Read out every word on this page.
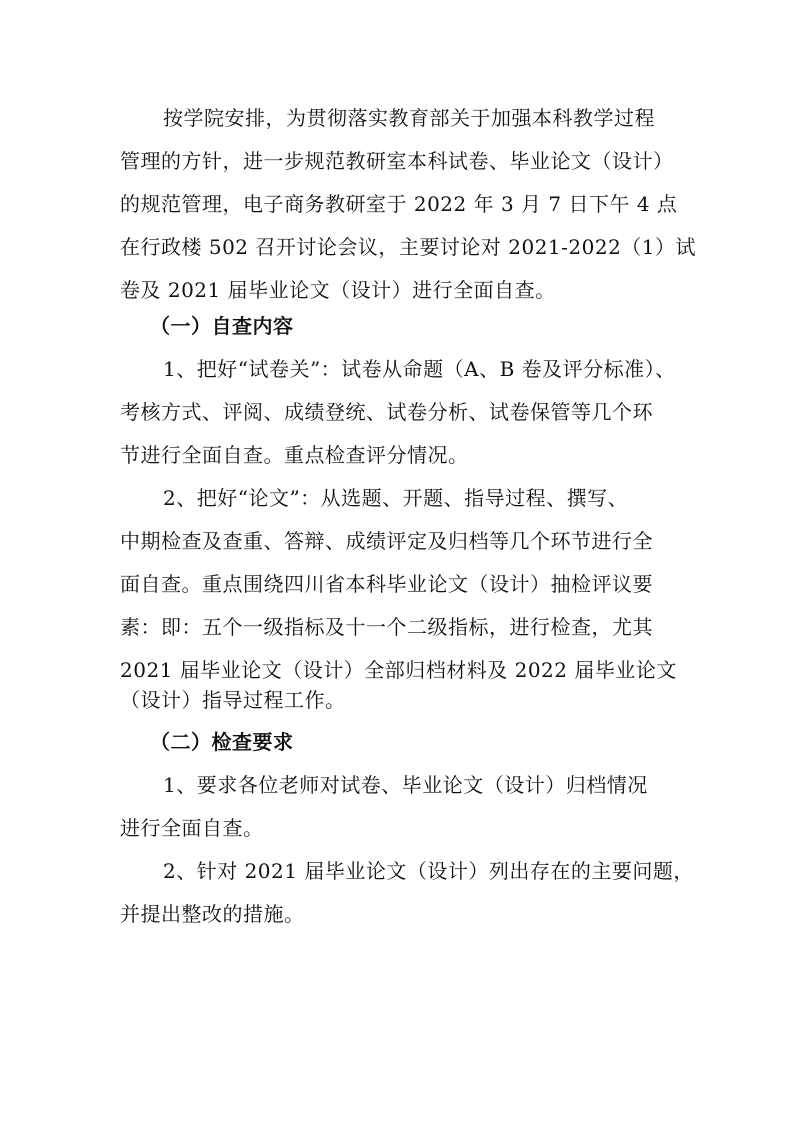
按学院安排，为贯彻落实教育部关于加强本科教学过程
管理的方针，进一步规范教研室本科试卷、毕业论文（设计）
的规范管理，电子商务教研室于 2022 年 3 月 7 日下午 4 点
在行政楼 502 召开讨论会议，主要讨论对 2021-2022（1）试
卷及 2021 届毕业论文（设计）进行全面自查。
（一）自查内容
1、把好“试卷关”：试卷从命题（A、B 卷及评分标准）、
考核方式、评阅、成绩登统、试卷分析、试卷保管等几个环
节进行全面自查。重点检查评分情况。
2、把好“论文”：从选题、开题、指导过程、撰写、
中期检查及查重、答辩、成绩评定及归档等几个环节进行全
面自查。重点围绕四川省本科毕业论文（设计）抽检评议要
素：即：五个一级指标及十一个二级指标，进行检查，尤其
2021 届毕业论文（设计）全部归档材料及 2022 届毕业论文
（设计）指导过程工作。
（二）检查要求
1、要求各位老师对试卷、毕业论文（设计）归档情况
进行全面自查。
2、针对 2021 届毕业论文（设计）列出存在的主要问题，
并提出整改的措施。
